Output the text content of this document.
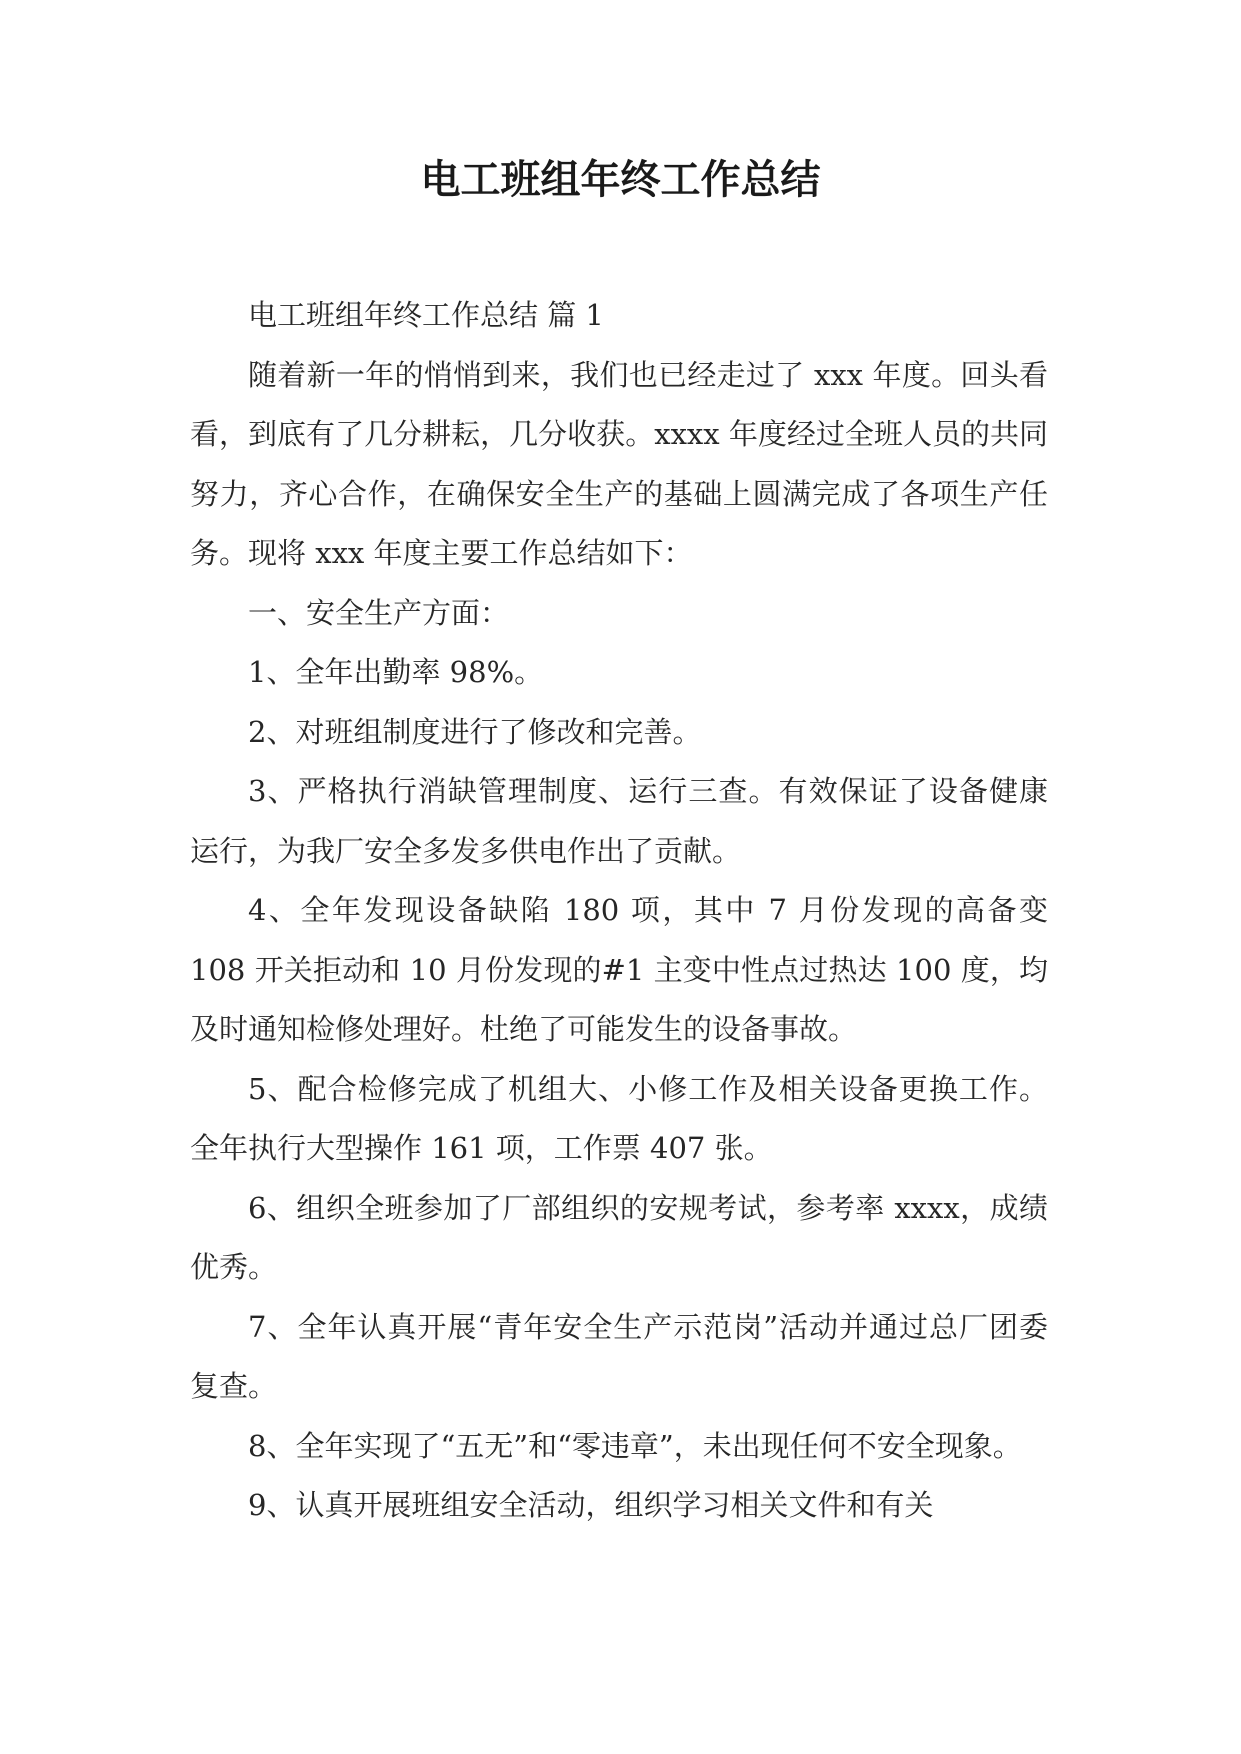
电工班组年终工作总结

电工班组年终工作总结 篇 1

随着新一年的悄悄到来，我们也已经走过了 xxx 年度。回头看看，到底有了几分耕耘，几分收获。xxxx 年度经过全班人员的共同努力，齐心合作，在确保安全生产的基础上圆满完成了各项生产任务。现将 xxx 年度主要工作总结如下：

一、安全生产方面：

1、全年出勤率 98%。

2、对班组制度进行了修改和完善。

3、严格执行消缺管理制度、运行三查。有效保证了设备健康运行，为我厂安全多发多供电作出了贡献。

4、全年发现设备缺陷 180 项，其中 7 月份发现的高备变 108 开关拒动和 10 月份发现的#1 主变中性点过热达 100 度，均及时通知检修处理好。杜绝了可能发生的设备事故。

5、配合检修完成了机组大、小修工作及相关设备更换工作。全年执行大型操作 161 项，工作票 407 张。

6、组织全班参加了厂部组织的安规考试，参考率 xxxx，成绩优秀。

7、全年认真开展“青年安全生产示范岗”活动并通过总厂团委复查。

8、全年实现了“五无”和“零违章”，未出现任何不安全现象。

9、认真开展班组安全活动，组织学习相关文件和有关
